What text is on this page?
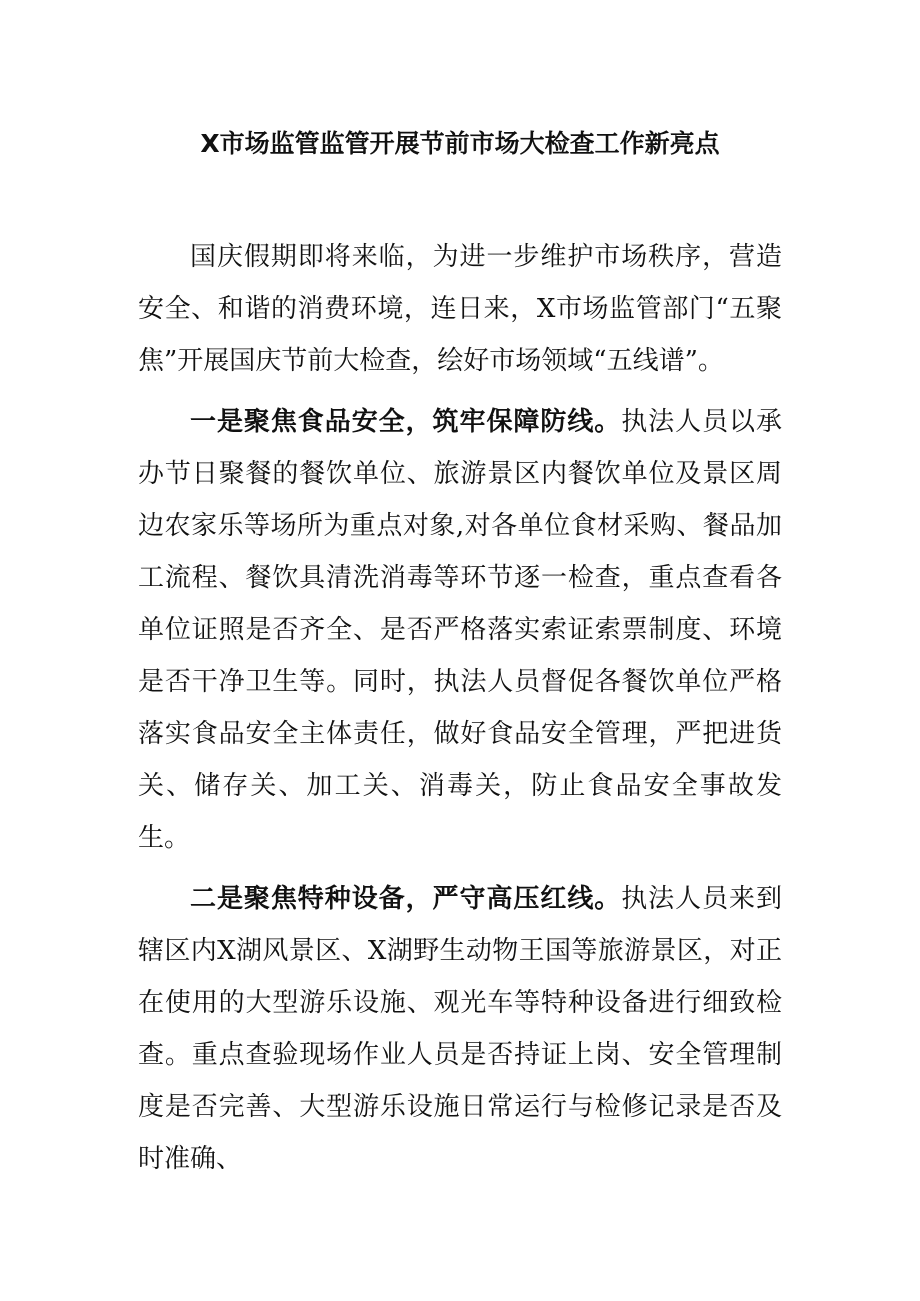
X市场监管监管开展节前市场大检查工作新亮点

国庆假期即将来临，为进一步维护市场秩序，营造安全、和谐的消费环境，连日来，X市场监管部门“五聚焦”开展国庆节前大检查，绘好市场领域“五线谱”。

一是聚焦食品安全，筑牢保障防线。执法人员以承办节日聚餐的餐饮单位、旅游景区内餐饮单位及景区周边农家乐等场所为重点对象,对各单位食材采购、餐品加工流程、餐饮具清洗消毒等环节逐一检查，重点查看各单位证照是否齐全、是否严格落实索证索票制度、环境是否干净卫生等。同时，执法人员督促各餐饮单位严格落实食品安全主体责任，做好食品安全管理，严把进货关、储存关、加工关、消毒关，防止食品安全事故发生。

二是聚焦特种设备，严守高压红线。执法人员来到辖区内X湖风景区、X湖野生动物王国等旅游景区，对正在使用的大型游乐设施、观光车等特种设备进行细致检查。重点查验现场作业人员是否持证上岗、安全管理制度是否完善、大型游乐设施日常运行与检修记录是否及时准确、
